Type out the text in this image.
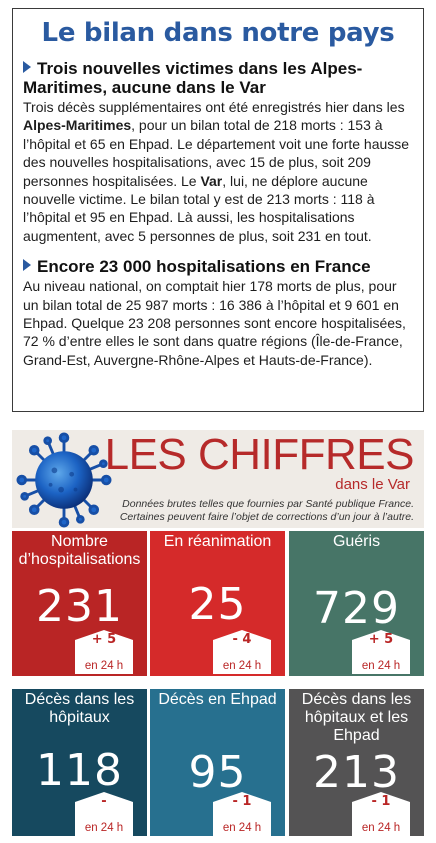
Le bilan dans notre pays
Trois nouvelles victimes dans les Alpes-Maritimes, aucune dans le Var
Trois décès supplémentaires ont été enregistrés hier dans les Alpes-Maritimes, pour un bilan total de 218 morts : 153 à l’hôpital et 65 en Ehpad. Le département voit une forte hausse des nouvelles hospitalisations, avec 15 de plus, soit 209 personnes hospitalisées. Le Var, lui, ne déplore aucune nouvelle victime. Le bilan total y est de 213 morts : 118 à l’hôpital et 95 en Ehpad. Là aussi, les hospitalisations augmentent, avec 5 personnes de plus, soit 231 en tout.
Encore 23 000 hospitalisations en France
Au niveau national, on comptait hier 178 morts de plus, pour un bilan total de 25 987 morts : 16 386 à l’hôpital et 9 601 en Ehpad. Quelque 23 208 personnes sont encore hospitalisées, 72 % d’entre elles le sont dans quatre régions (Île-de-France, Grand-Est, Auvergne-Rhône-Alpes et Hauts-de-France).
LES CHIFFRES
dans le Var
Données brutes telles que fournies par Santé publique France. Certaines peuvent faire l’objet de corrections d’un jour à l’autre.
Nombre d’hospitalisations
231
+ 5
en 24 h
En réanimation
25
- 4
en 24 h
Guéris
729
+ 5
en 24 h
Décès dans les hôpitaux
118
-
en 24 h
Décès en Ehpad
95
- 1
en 24 h
Décès dans les hôpitaux et les Ehpad
213
- 1
en 24 h
